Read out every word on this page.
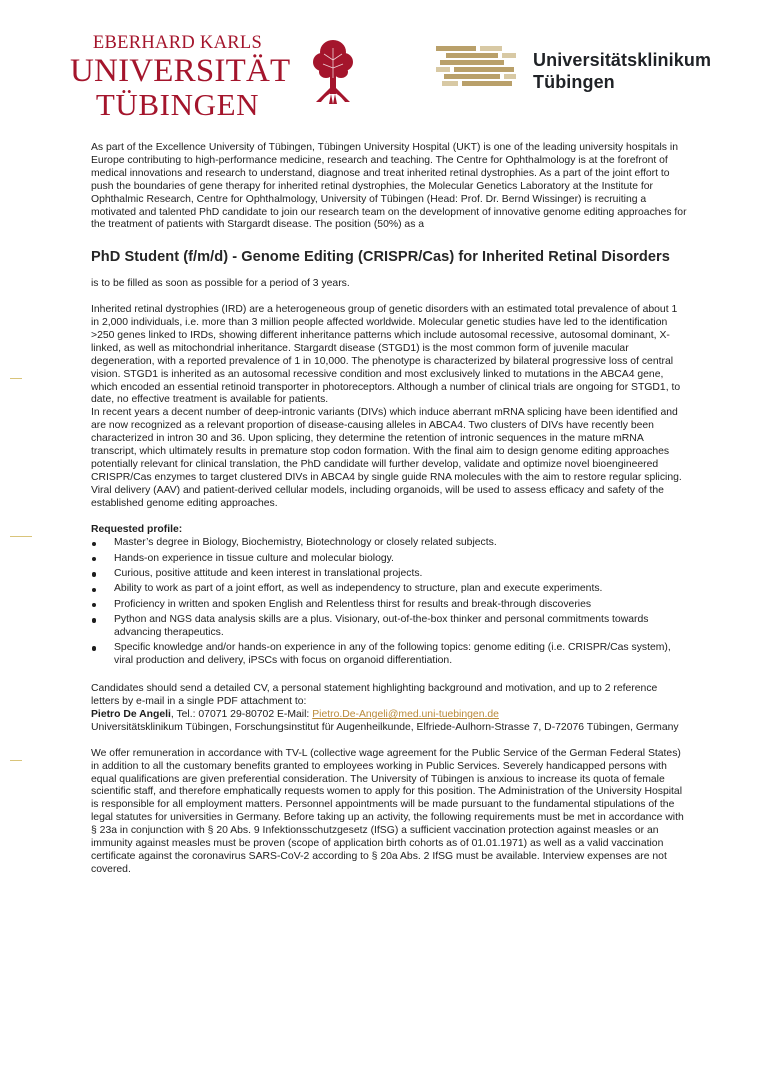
EBERHARD KARLS
UNIVERSITÄT
TÜBINGEN
Universitätsklinikum
Tübingen

As part of the Excellence University of Tübingen, Tübingen University Hospital (UKT) is one of the leading university hospitals in Europe contributing to high-performance medicine, research and teaching. The Centre for Ophthalmology is at the forefront of medical innovations and research to understand, diagnose and treat inherited retinal dystrophies. As a part of the joint effort to push the boundaries of gene therapy for inherited retinal dystrophies, the Molecular Genetics Laboratory at the Institute for Ophthalmic Research, Centre for Ophthalmology, University of Tübingen (Head: Prof. Dr. Bernd Wissinger) is recruiting a motivated and talented PhD candidate to join our research team on the development of innovative genome editing approaches for the treatment of patients with Stargardt disease. The position (50%) as a

PhD Student (f/m/d) - Genome Editing (CRISPR/Cas) for Inherited Retinal Disorders

is to be filled as soon as possible for a period of 3 years.

Inherited retinal dystrophies (IRD) are a heterogeneous group of genetic disorders with an estimated total prevalence of about 1 in 2,000 individuals, i.e. more than 3 million people affected worldwide. Molecular genetic studies have led to the identification >250 genes linked to IRDs, showing different inheritance patterns which include autosomal recessive, autosomal dominant, X-linked, as well as mitochondrial inheritance. Stargardt disease (STGD1) is the most common form of juvenile macular degeneration, with a reported prevalence of 1 in 10,000. The phenotype is characterized by bilateral progressive loss of central vision. STGD1 is inherited as an autosomal recessive condition and most exclusively linked to mutations in the ABCA4 gene, which encoded an essential retinoid transporter in photoreceptors. Although a number of clinical trials are ongoing for STGD1, to date, no effective treatment is available for patients.

In recent years a decent number of deep-intronic variants (DIVs) which induce aberrant mRNA splicing have been identified and are now recognized as a relevant proportion of disease-causing alleles in ABCA4. Two clusters of DIVs have recently been characterized in intron 30 and 36. Upon splicing, they determine the retention of intronic sequences in the mature mRNA transcript, which ultimately results in premature stop codon formation. With the final aim to design genome editing approaches potentially relevant for clinical translation, the PhD candidate will further develop, validate and optimize novel bioengineered CRISPR/Cas enzymes to target clustered DIVs in ABCA4 by single guide RNA molecules with the aim to restore regular splicing. Viral delivery (AAV) and patient-derived cellular models, including organoids, will be used to assess efficacy and safety of the established genome editing approaches.

Requested profile:

Master’s degree in Biology, Biochemistry, Biotechnology or closely related subjects.
Hands-on experience in tissue culture and molecular biology.
Curious, positive attitude and keen interest in translational projects.
Ability to work as part of a joint effort, as well as independency to structure, plan and execute experiments.
Proficiency in written and spoken English and Relentless thirst for results and break-through discoveries
Python and NGS data analysis skills are a plus. Visionary, out-of-the-box thinker and personal commitments towards advancing therapeutics.
Specific knowledge and/or hands-on experience in any of the following topics: genome editing (i.e. CRISPR/Cas system), viral production and delivery, iPSCs with focus on organoid differentiation.

Candidates should send a detailed CV, a personal statement highlighting background and motivation, and up to 2 reference letters by e-mail in a single PDF attachment to:

Pietro De Angeli, Tel.: 07071 29-80702 E-Mail: Pietro.De-Angeli@med.uni-tuebingen.de

Universitätsklinikum Tübingen, Forschungsinstitut für Augenheilkunde, Elfriede-Aulhorn-Strasse 7, D-72076 Tübingen, Germany

We offer remuneration in accordance with TV-L (collective wage agreement for the Public Service of the German Federal States) in addition to all the customary benefits granted to employees working in Public Services. Severely handicapped persons with equal qualifications are given preferential consideration. The University of Tübingen is anxious to increase its quota of female scientific staff, and therefore emphatically requests women to apply for this position. The Administration of the University Hospital is responsible for all employment matters. Personnel appointments will be made pursuant to the fundamental stipulations of the legal statutes for universities in Germany. Before taking up an activity, the following requirements must be met in accordance with § 23a in conjunction with § 20 Abs. 9 Infektionsschutzgesetz (IfSG) a sufficient vaccination protection against measles or an immunity against measles must be proven (scope of application birth cohorts as of 01.01.1971) as well as a valid vaccination certificate against the coronavirus SARS-CoV-2 according to § 20a Abs. 2 IfSG must be available. Interview expenses are not covered.
